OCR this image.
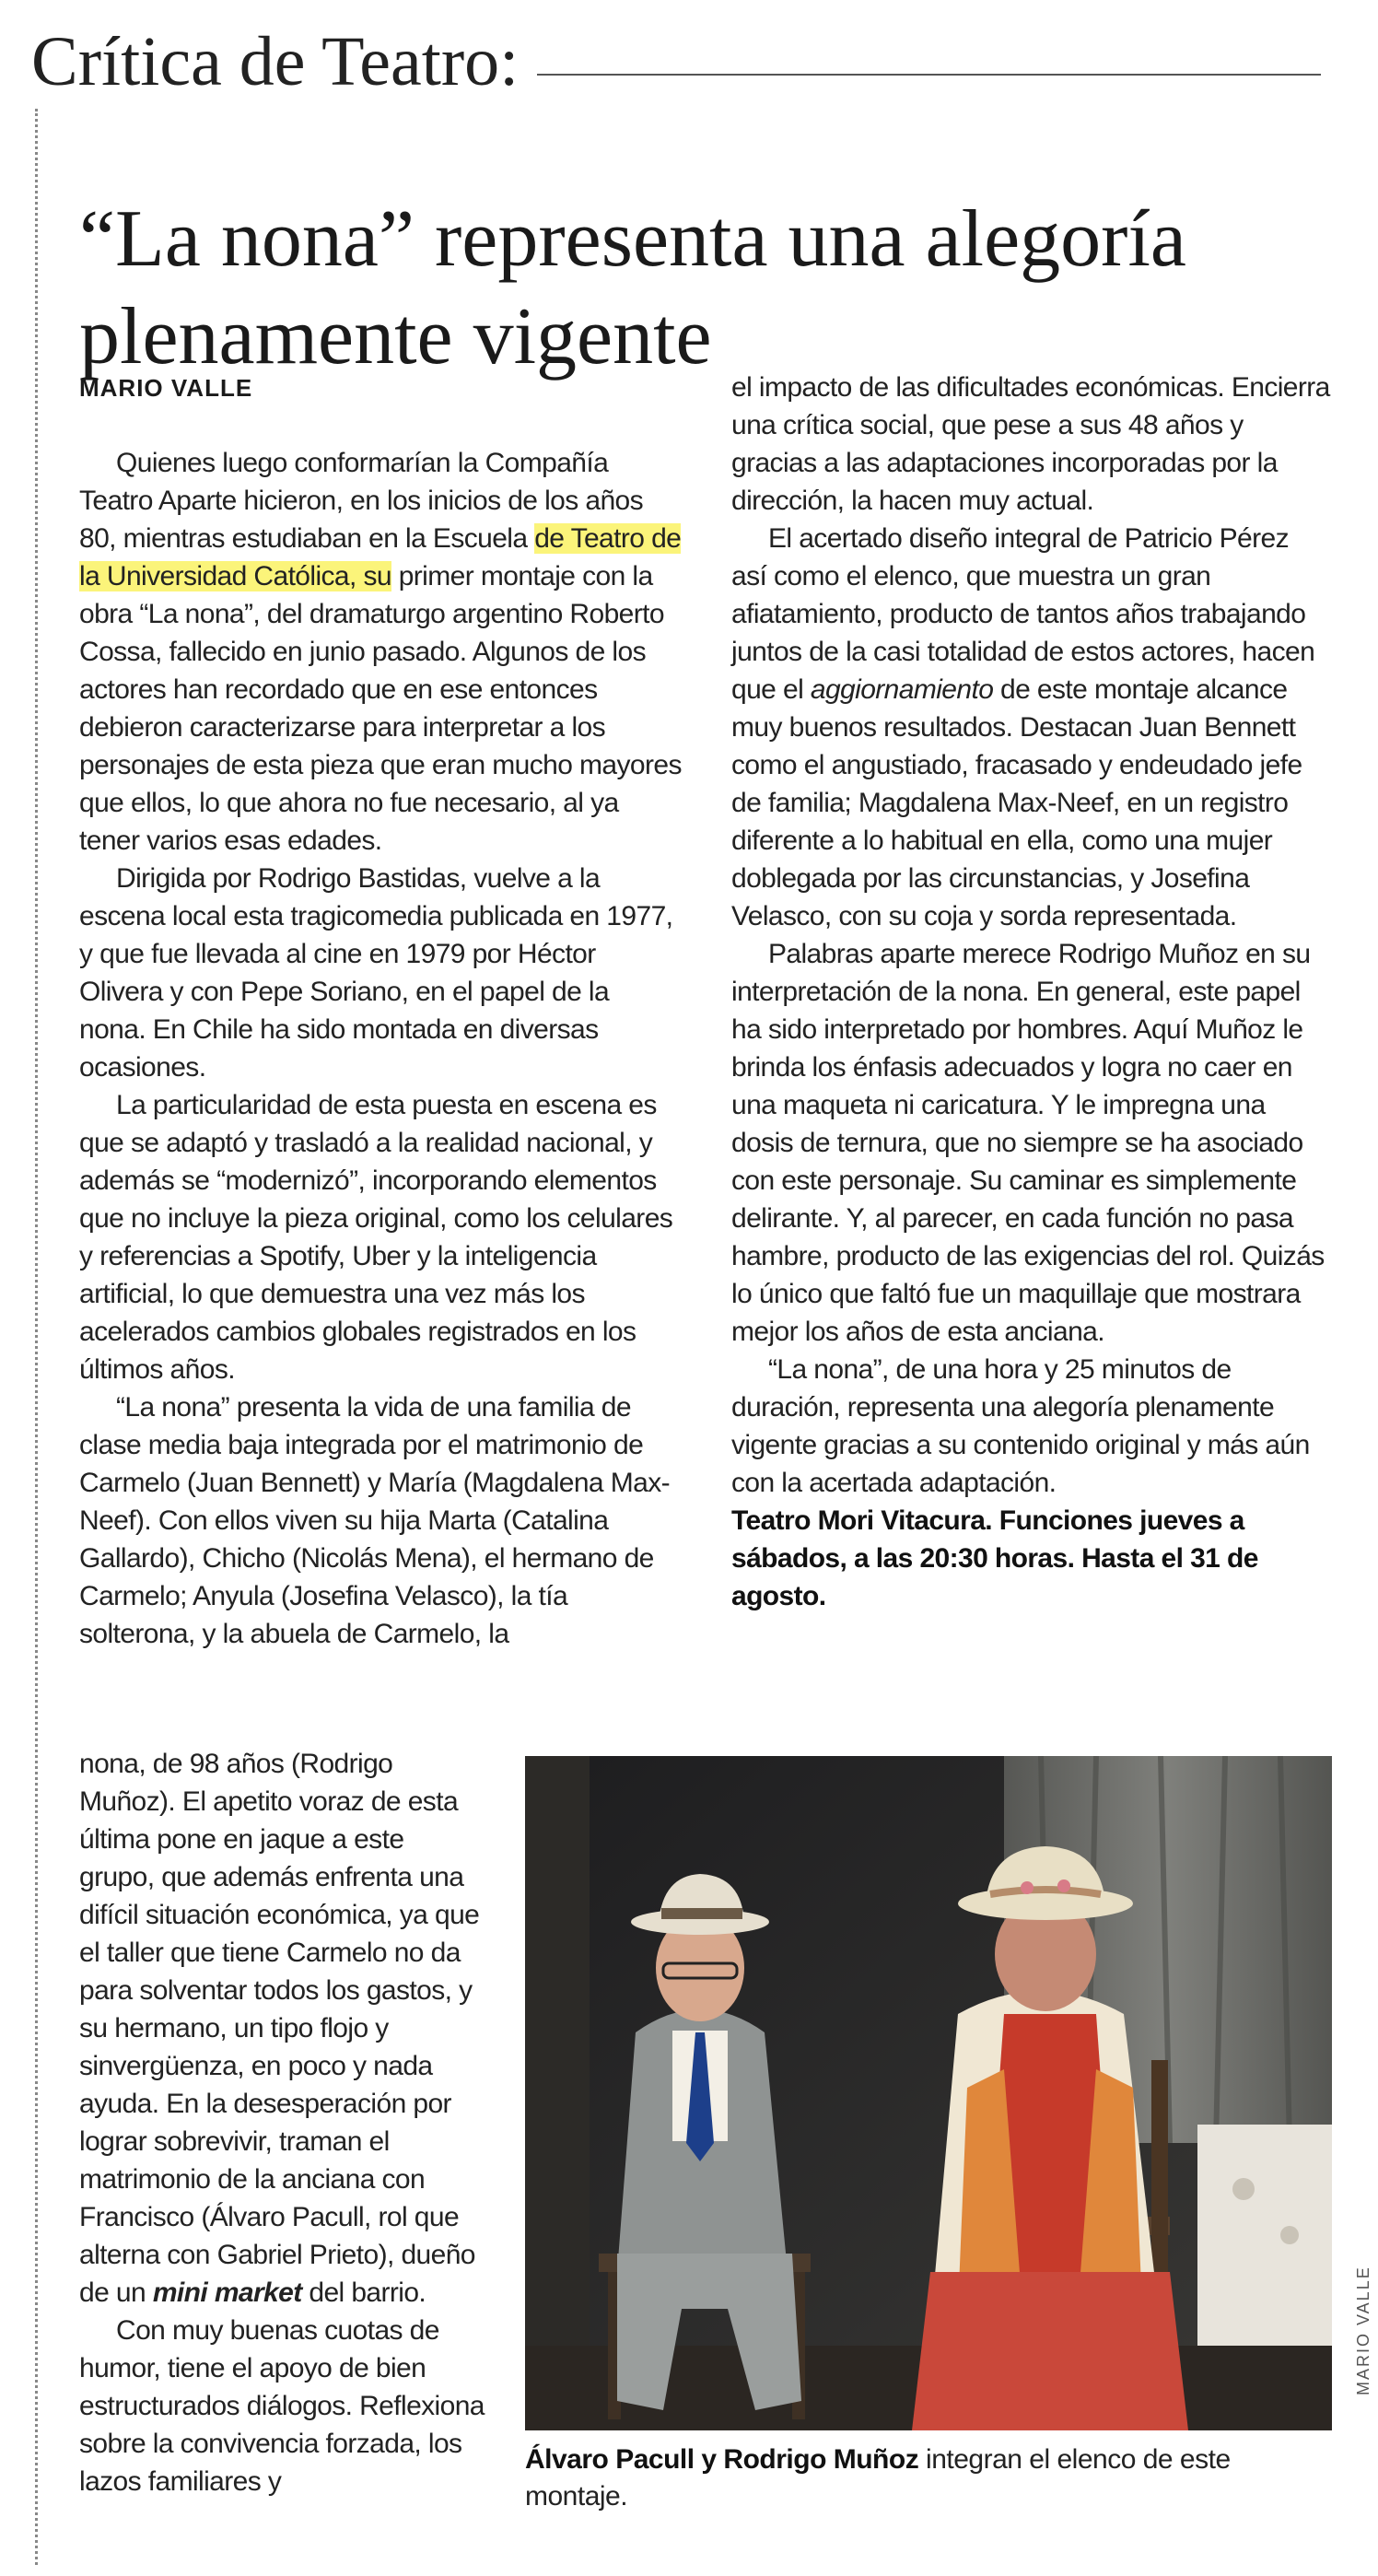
Crítica de Teatro:
“La nona” representa una alegoría plenamente vigente
MARIO VALLE

Quienes luego conformarían la Compañía Teatro Aparte hicieron, en los inicios de los años 80, mientras estudiaban en la Escuela de Teatro de la Universidad Católica, su primer montaje con la obra “La nona”, del dramaturgo argentino Roberto Cossa, fallecido en junio pasado. Algunos de los actores han recordado que en ese entonces debieron caracterizarse para interpretar a los personajes de esta pieza que eran mucho mayores que ellos, lo que ahora no fue necesario, al ya tener varios esas edades.

Dirigida por Rodrigo Bastidas, vuelve a la escena local esta tragicomedia publicada en 1977, y que fue llevada al cine en 1979 por Héctor Olivera y con Pepe Soriano, en el papel de la nona. En Chile ha sido montada en diversas ocasiones.

La particularidad de esta puesta en escena es que se adaptó y trasladó a la realidad nacional, y además se “modernizó”, incorporando elementos que no incluye la pieza original, como los celulares y referencias a Spotify, Uber y la inteligencia artificial, lo que demuestra una vez más los acelerados cambios globales registrados en los últimos años.

“La nona” presenta la vida de una familia de clase media baja integrada por el matrimonio de Carmelo (Juan Bennett) y María (Magdalena Max-Neef). Con ellos viven su hija Marta (Catalina Gallardo), Chicho (Nicolás Mena), el hermano de Carmelo; Anyula (Josefina Velasco), la tía solterona, y la abuela de Carmelo, la

nona, de 98 años (Rodrigo Muñoz). El apetito voraz de esta última pone en jaque a este grupo, que además enfrenta una difícil situación económica, ya que el taller que tiene Carmelo no da para solventar todos los gastos, y su hermano, un tipo flojo y sinvergüenza, en poco y nada ayuda. En la desesperación por lograr sobrevivir, traman el matrimonio de la anciana con Francisco (Álvaro Pacull, rol que alterna con Gabriel Prieto), dueño de un mini market del barrio.

Con muy buenas cuotas de humor, tiene el apoyo de bien estructurados diálogos. Reflexiona sobre la convivencia forzada, los lazos familiares y

el impacto de las dificultades económicas. Encierra una crítica social, que pese a sus 48 años y gracias a las adaptaciones incorporadas por la dirección, la hacen muy actual.

El acertado diseño integral de Patricio Pérez así como el elenco, que muestra un gran afiatamiento, producto de tantos años trabajando juntos de la casi totalidad de estos actores, hacen que el aggiornamiento de este montaje alcance muy buenos resultados. Destacan Juan Bennett como el angustiado, fracasado y endeudado jefe de familia; Magdalena Max-Neef, en un registro diferente a lo habitual en ella, como una mujer doblegada por las circunstancias, y Josefina Velasco, con su coja y sorda representada.

Palabras aparte merece Rodrigo Muñoz en su interpretación de la nona. En general, este papel ha sido interpretado por hombres. Aquí Muñoz le brinda los énfasis adecuados y logra no caer en una maqueta ni caricatura. Y le impregna una dosis de ternura, que no siempre se ha asociado con este personaje. Su caminar es simplemente delirante. Y, al parecer, en cada función no pasa hambre, producto de las exigencias del rol. Quizás lo único que faltó fue un maquillaje que mostrara mejor los años de esta anciana.

“La nona”, de una hora y 25 minutos de duración, representa una alegoría plenamente vigente gracias a su contenido original y más aún con la acertada adaptación.

Teatro Mori Vitacura. Funciones jueves a sábados, a las 20:30 horas. Hasta el 31 de agosto.

MARIO VALLE
Álvaro Pacull y Rodrigo Muñoz integran el elenco de este montaje.
